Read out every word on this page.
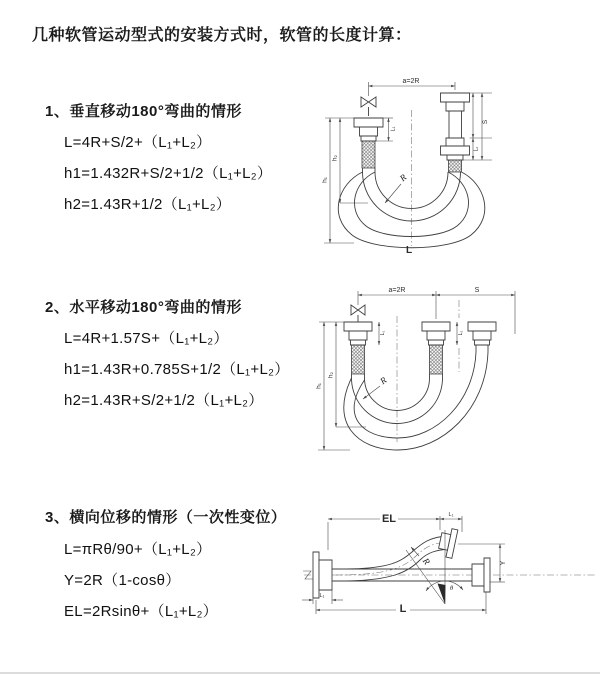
几种软管运动型式的安装方式时，软管的长度计算：
1、垂直移动180°弯曲的情形
L=4R+S/2+（L₁+L₂）
h1=1.432R+S/2+1/2（L₁+L₂）
h2=1.43R+1/2（L₁+L₂）
2、水平移动180°弯曲的情形
L=4R+1.57S+（L₁+L₂）
h1=1.43R+0.785S+1/2（L₁+L₂）
h2=1.43R+S/2+1/2（L₁+L₂）
3、横向位移的情形（一次性变位）
L=πRθ/90+（L₁+L₂）
Y=2R（1-cosθ）
EL=2Rsinθ+（L₁+L₂）
a=2R
h₁
h₂
L₁
S
L₂
R
L
a=2R	S
h₁
h₂
L₁	L₂
R
EL	L₁
Y
θ
R
L₁
L
